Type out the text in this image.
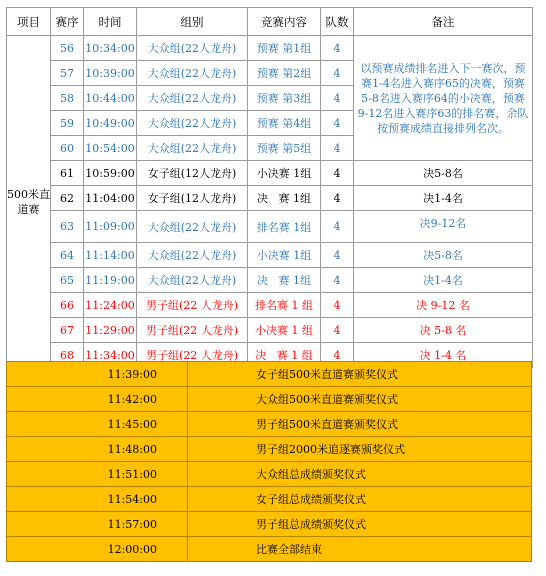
项目	赛序	时间	组别	竞赛内容	队数	备注
500米直道赛	56	10:34:00	大众组(22人龙舟)	预赛 第1组	4	以预赛成绩排名进入下一赛次，预赛1-4名进入赛序65的决赛，预赛5-8名进入赛序64的小决赛，预赛9-12名进入赛序63的排名赛，余队按预赛成绩直接排列名次。
	57	10:39:00	大众组(22人龙舟)	预赛 第2组	4	
	58	10:44:00	大众组(22人龙舟)	预赛 第3组	4	
	59	10:49:00	大众组(22人龙舟)	预赛 第4组	4	
	60	10:54:00	大众组(22人龙舟)	预赛 第5组	4	
	61	10:59:00	女子组(12人龙舟)	小决赛 1组	4	决5-8名
	62	11:04:00	女子组(12人龙舟)	决   赛 1组	4	决1-4名
	63	11:09:00	大众组(22人龙舟)	排名赛 1组	4	决9-12名
	64	11:14:00	大众组(22人龙舟)	小决赛 1组	4	决5-8名
	65	11:19:00	大众组(22人龙舟)	决   赛 1组	4	决1-4名
	66	11:24:00	男子组(22 人龙舟)	排名赛 1 组	4	决 9-12 名
	67	11:29:00	男子组(22 人龙舟)	小决赛 1 组	4	决 5-8 名
	68	11:34:00	男子组(22 人龙舟)	决   赛 1 组	4	决 1-4 名
11:39:00	女子组500米直道赛颁奖仪式
11:42:00	大众组500米直道赛颁奖仪式
11:45:00	男子组500米直道赛颁奖仪式
11:48:00	男子组2000米追逐赛颁奖仪式
11:51:00	大众组总成绩颁奖仪式
11:54:00	女子组总成绩颁奖仪式
11:57:00	男子组总成绩颁奖仪式
12:00:00	比赛全部结束
